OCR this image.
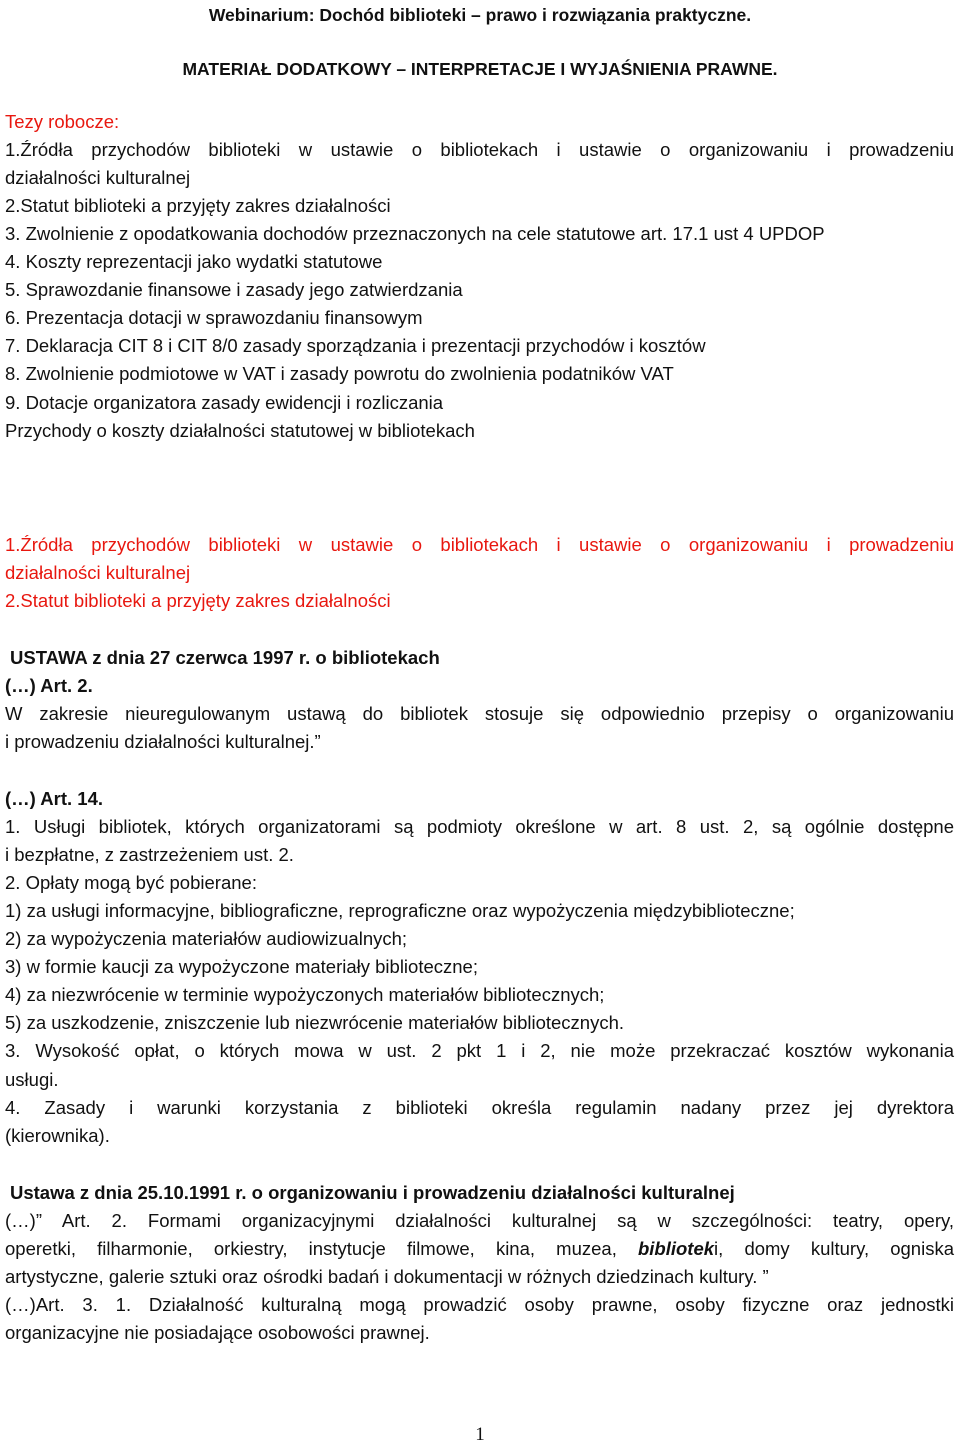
Webinarium: Dochód biblioteki – prawo i rozwiązania praktyczne.
MATERIAŁ DODATKOWY – INTERPRETACJE I WYJAŚNIENIA PRAWNE.
Tezy robocze:
1.Źródła przychodów biblioteki w ustawie o bibliotekach i ustawie o organizowaniu i prowadzeniu
działalności kulturalnej
2.Statut biblioteki a przyjęty zakres działalności
3. Zwolnienie z opodatkowania dochodów przeznaczonych na cele statutowe art. 17.1 ust 4 UPDOP
4. Koszty reprezentacji jako wydatki statutowe
5. Sprawozdanie finansowe i zasady jego zatwierdzania
6. Prezentacja dotacji w sprawozdaniu finansowym
7. Deklaracja CIT 8 i CIT 8/0 zasady sporządzania i prezentacji przychodów i kosztów
8. Zwolnienie podmiotowe w VAT i zasady powrotu do zwolnienia podatników VAT
9. Dotacje organizatora zasady ewidencji i rozliczania
Przychody o koszty działalności statutowej w bibliotekach
1.Źródła przychodów biblioteki w ustawie o bibliotekach i ustawie o organizowaniu i prowadzeniu
działalności kulturalnej
2.Statut biblioteki a przyjęty zakres działalności
USTAWA z dnia 27 czerwca 1997 r. o bibliotekach
(…) Art. 2.
W zakresie nieuregulowanym ustawą do bibliotek stosuje się odpowiednio przepisy o organizowaniu
i prowadzeniu działalności kulturalnej.”
(…) Art. 14.
1. Usługi bibliotek, których organizatorami są podmioty określone w art. 8 ust. 2, są ogólnie dostępne
i bezpłatne, z zastrzeżeniem ust. 2.
2. Opłaty mogą być pobierane:
1) za usługi informacyjne, bibliograficzne, reprograficzne oraz wypożyczenia międzybiblioteczne;
2) za wypożyczenia materiałów audiowizualnych;
3) w formie kaucji za wypożyczone materiały biblioteczne;
4) za niezwrócenie w terminie wypożyczonych materiałów bibliotecznych;
5) za uszkodzenie, zniszczenie lub niezwrócenie materiałów bibliotecznych.
3. Wysokość opłat, o których mowa w ust. 2 pkt 1 i 2, nie może przekraczać kosztów wykonania
usługi.
4. Zasady i warunki korzystania z biblioteki określa regulamin nadany przez jej dyrektora
(kierownika).
Ustawa z dnia 25.10.1991 r. o organizowaniu i prowadzeniu działalności kulturalnej
(…)” Art. 2. Formami organizacyjnymi działalności kulturalnej są w szczególności: teatry, opery,
operetki, filharmonie, orkiestry, instytucje filmowe, kina, muzea, biblioteki, domy kultury, ogniska
artystyczne, galerie sztuki oraz ośrodki badań i dokumentacji w różnych dziedzinach kultury. ”
(…)Art. 3. 1. Działalność kulturalną mogą prowadzić osoby prawne, osoby fizyczne oraz jednostki
organizacyjne nie posiadające osobowości prawnej.
1
